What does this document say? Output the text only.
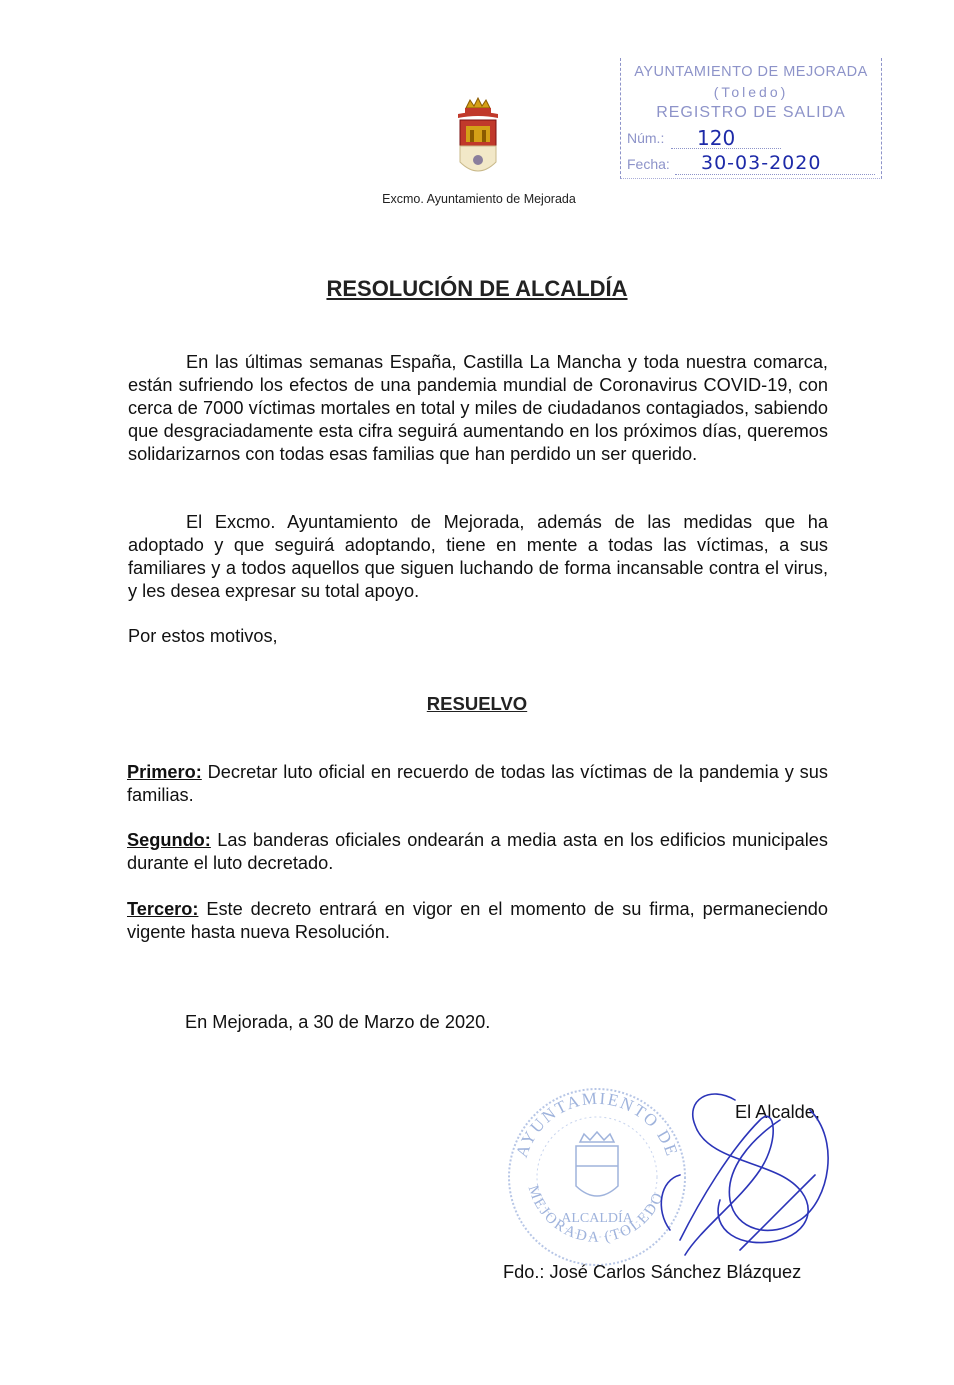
Excmo. Ayuntamiento de Mejorada
AYUNTAMIENTO DE MEJORADA
(Toledo)
REGISTRO DE SALIDA
Núm.: 120
Fecha: 30-03-2020
RESOLUCIÓN DE ALCALDÍA
En las últimas semanas España, Castilla La Mancha y toda nuestra comarca, están sufriendo los efectos de una pandemia mundial de Coronavirus COVID-19, con cerca de 7000 víctimas mortales en total y miles de ciudadanos contagiados, sabiendo que desgraciadamente esta cifra seguirá aumentando en los próximos días, queremos solidarizarnos con todas esas familias que han perdido un ser querido.
El Excmo. Ayuntamiento de Mejorada, además de las medidas que ha adoptado y que seguirá adoptando, tiene en mente a todas las víctimas, a sus familiares y a todos aquellos que siguen luchando de forma incansable contra el virus, y les desea expresar su total apoyo.
Por estos motivos,
RESUELVO
Primero: Decretar luto oficial en recuerdo de todas las víctimas de la pandemia y sus familias.
Segundo: Las banderas oficiales ondearán a media asta en los edificios municipales durante el luto decretado.
Tercero: Este decreto entrará en vigor en el momento de su firma, permaneciendo vigente hasta nueva Resolución.
En Mejorada, a 30 de Marzo de 2020.
AYUNTAMIENTO DE
MEJORADA (TOLEDO
ALCALDÍA
El Alcalde,
Fdo.: José Carlos Sánchez Blázquez
